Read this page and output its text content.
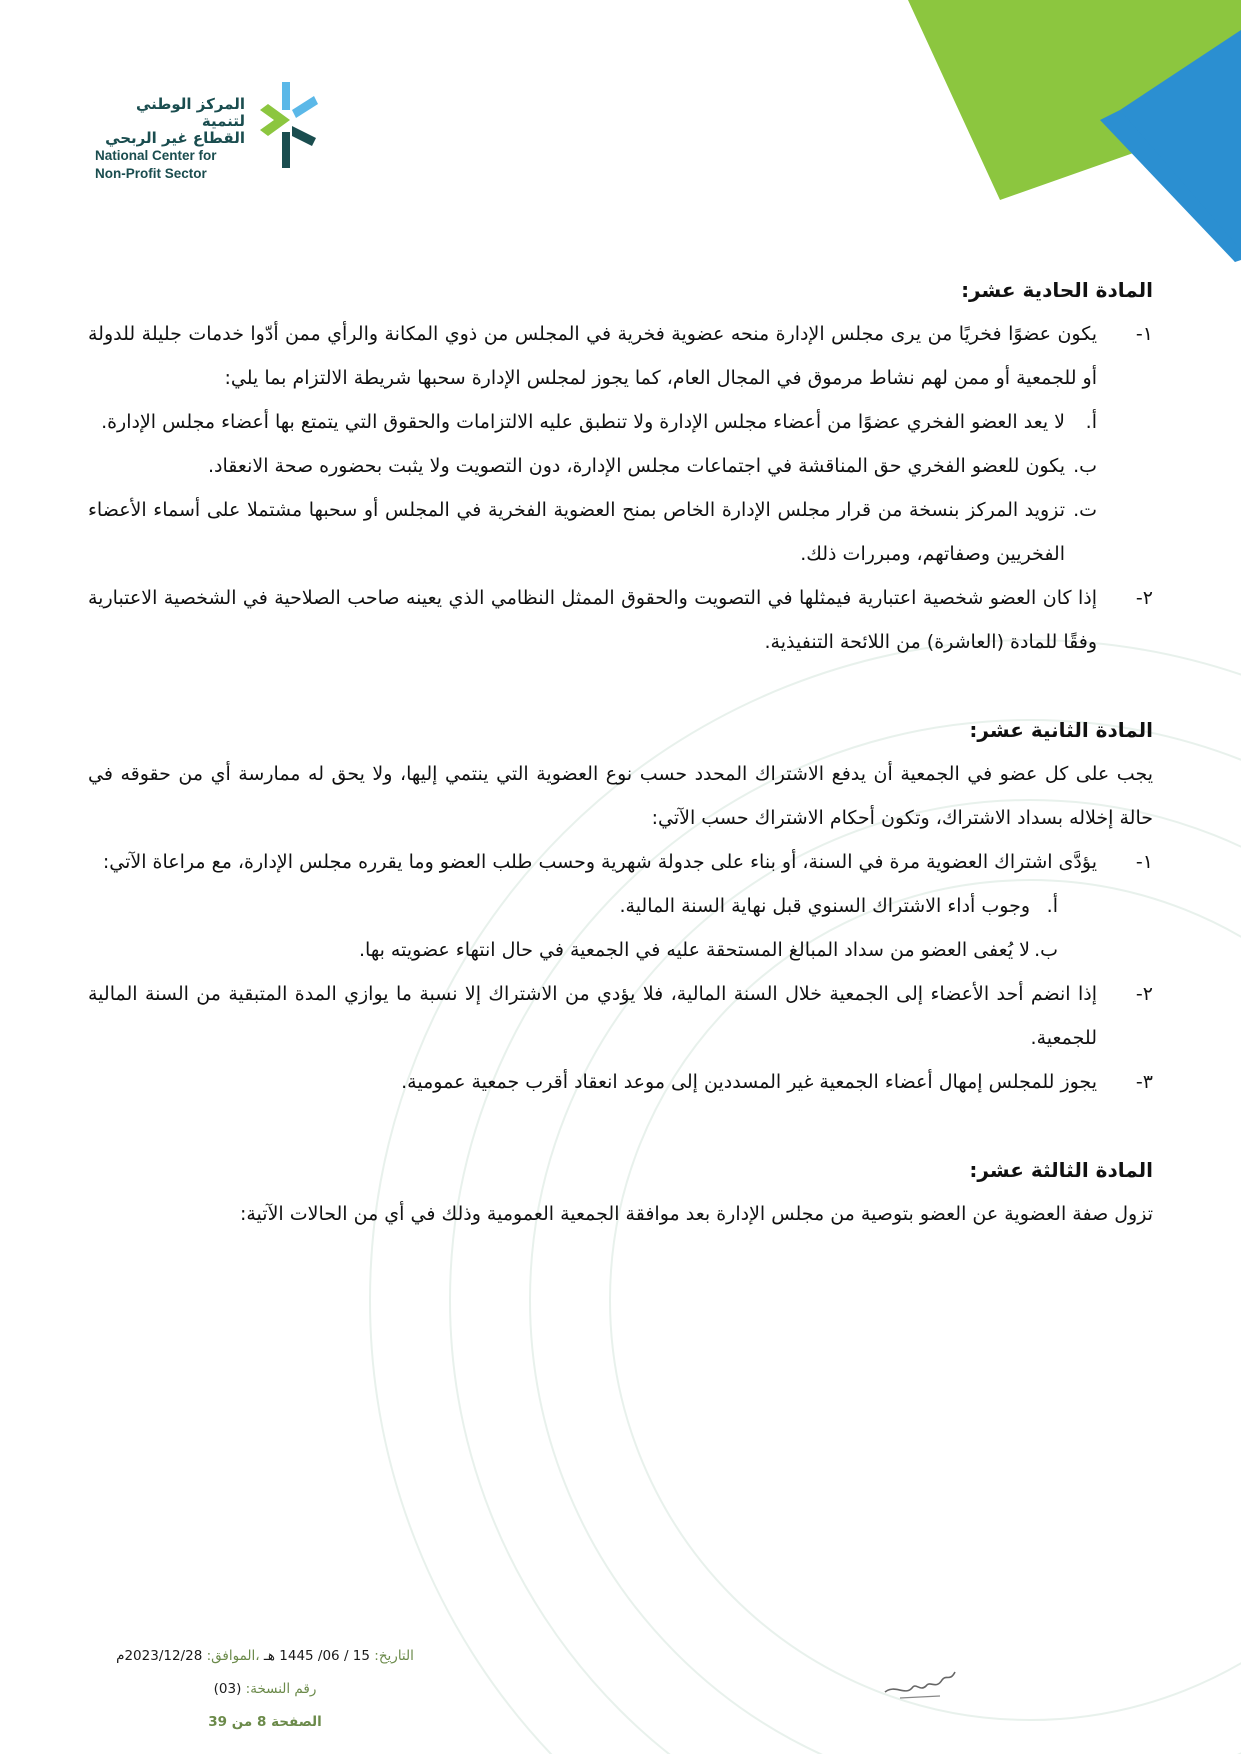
المركز الوطني لتنمية
القطاع غير الربحي
National Center for
Non-Profit Sector

المادة الحادية عشر:

١-
يكون عضوًا فخريًا من يرى مجلس الإدارة منحه عضوية فخرية في المجلس من ذوي المكانة والرأي ممن أدّوا خدمات جليلة للدولة أو للجمعية أو ممن لهم نشاط مرموق في المجال العام، كما يجوز لمجلس الإدارة سحبها شريطة الالتزام بما يلي:
أ.
لا يعد العضو الفخري عضوًا من أعضاء مجلس الإدارة ولا تنطبق عليه الالتزامات والحقوق التي يتمتع بها أعضاء مجلس الإدارة.
ب.
يكون للعضو الفخري حق المناقشة في اجتماعات مجلس الإدارة، دون التصويت ولا يثبت بحضوره صحة الانعقاد.
ت.
تزويد المركز بنسخة من قرار مجلس الإدارة الخاص بمنح العضوية الفخرية في المجلس أو سحبها مشتملا على أسماء الأعضاء الفخريين وصفاتهم، ومبررات ذلك.
٢-
إذا كان العضو شخصية اعتبارية فيمثلها في التصويت والحقوق الممثل النظامي الذي يعينه صاحب الصلاحية في الشخصية الاعتبارية وفقًا للمادة (العاشرة) من اللائحة التنفيذية.

المادة الثانية عشر:

يجب على كل عضو في الجمعية أن يدفع الاشتراك المحدد حسب نوع العضوية التي ينتمي إليها، ولا يحق له ممارسة أي من حقوقه في حالة إخلاله بسداد الاشتراك، وتكون أحكام الاشتراك حسب الآتي:

١-
يؤدَّى اشتراك العضوية مرة في السنة، أو بناء على جدولة شهرية وحسب طلب العضو وما يقرره مجلس الإدارة، مع مراعاة الآتي:
أ.
وجوب أداء الاشتراك السنوي قبل نهاية السنة المالية.
ب.
لا يُعفى العضو من سداد المبالغ المستحقة عليه في الجمعية في حال انتهاء عضويته بها.
٢-
إذا انضم أحد الأعضاء إلى الجمعية خلال السنة المالية، فلا يؤدي من الاشتراك إلا نسبة ما يوازي المدة المتبقية من السنة المالية للجمعية.
٣-
يجوز للمجلس إمهال أعضاء الجمعية غير المسددين إلى موعد انعقاد أقرب جمعية عمومية.

المادة الثالثة عشر:

تزول صفة العضوية عن العضو بتوصية من مجلس الإدارة بعد موافقة الجمعية العمومية وذلك في أي من الحالات الآتية:

التاريخ: 15 / 06/ 1445 هـ ،الموافق: 2023/12/28م
رقم النسخة: (03)
الصفحة 8 من 39
